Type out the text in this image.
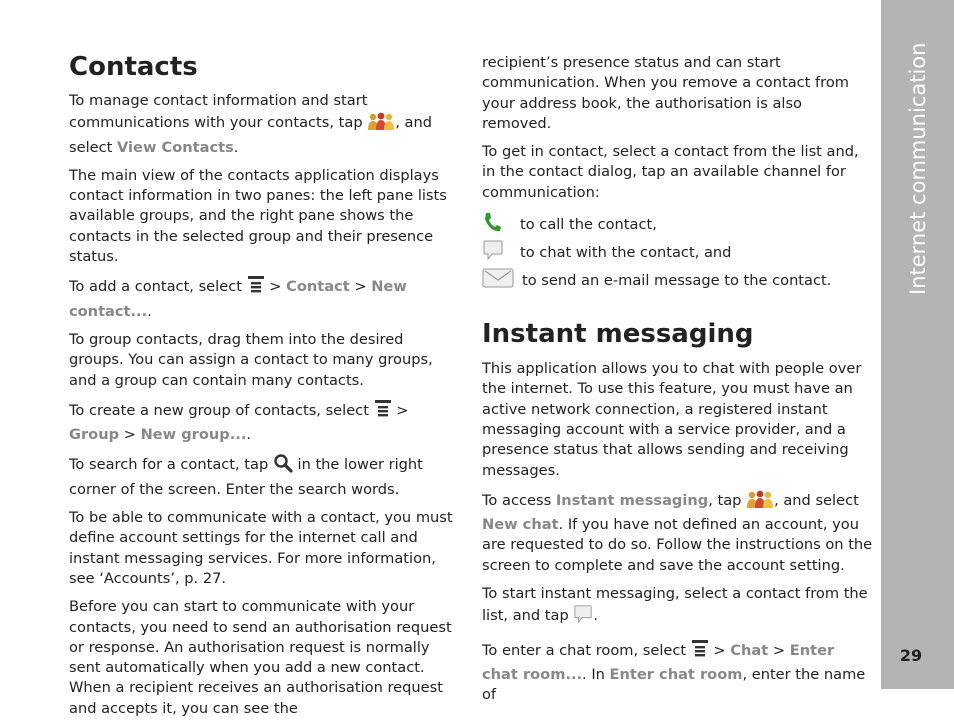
Internet communication
29
Contacts

To manage contact information and start communications with your contacts, tap , and select View Contacts.

The main view of the contacts application displays contact information in two panes: the left pane lists available groups, and the right pane shows the contacts in the selected group and their presence status.

To add a contact, select  > Contact > New contact....

To group contacts, drag them into the desired groups. You can assign a contact to many groups, and a group can contain many contacts.

To create a new group of contacts, select  > Group > New group....

To search for a contact, tap  in the lower right corner of the screen. Enter the search words.

To be able to communicate with a contact, you must define account settings for the internet call and instant messaging services. For more information, see ‘Accounts’, p. 27.

Before you can start to communicate with your contacts, you need to send an authorisation request or response. An authorisation request is normally sent automatically when you add a new contact. When a recipient receives an authorisation request and accepts it, you can see the

recipient’s presence status and can start communication. When you remove a contact from your address book, the authorisation is also removed.

To get in contact, select a contact from the list and, in the contact dialog, tap an available channel for communication:

to call the contact,
to chat with the contact, and
to send an e-mail message to the contact.
Instant messaging

This application allows you to chat with people over the internet. To use this feature, you must have an active network connection, a registered instant messaging account with a service provider, and a presence status that allows sending and receiving messages.

To access Instant messaging, tap , and select New chat. If you have not defined an account, you are requested to do so. Follow the instructions on the screen to complete and save the account setting.

To start instant messaging, select a contact from the list, and tap .

To enter a chat room, select  > Chat > Enter chat room.... In Enter chat room, enter the name of
